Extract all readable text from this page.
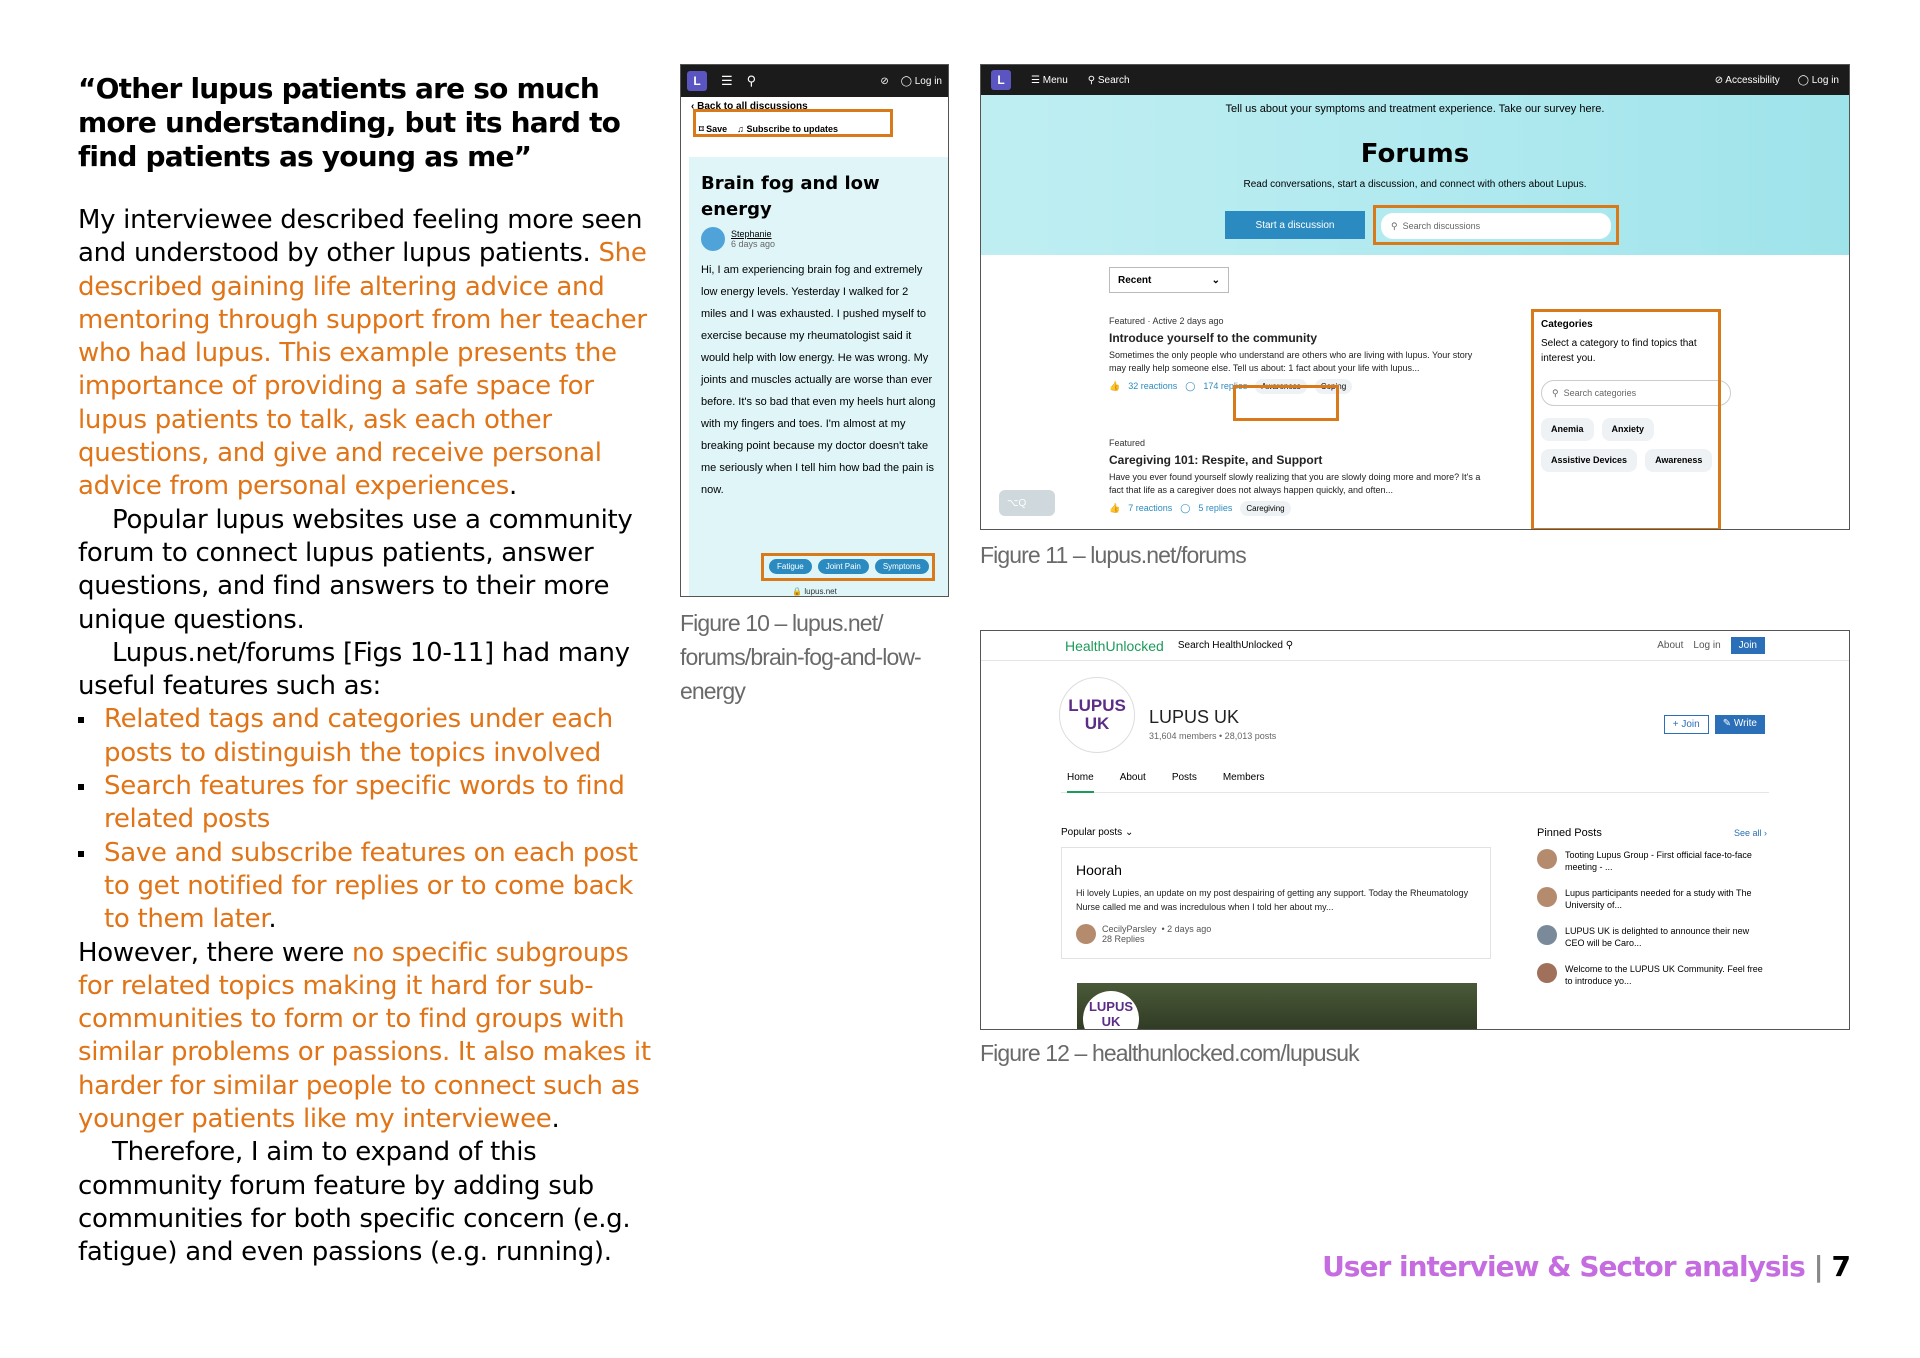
“Other lupus patients are so much more understanding, but its hard to find patients as young as me”

My interviewee described feeling more seen and understood by other lupus patients. She described gaining life altering advice and mentoring through support from her teacher who had lupus. This example presents the importance of providing a safe space for lupus patients to talk, ask each other questions, and give and receive personal advice from personal experiences.

Popular lupus websites use a community forum to connect lupus patients, answer questions, and find answers to their more unique questions.

Lupus.net/forums [Figs 10-11] had many useful features such as:

Related tags and categories under each posts to distinguish the topics involved
Search features for specific words to find related posts
Save and subscribe features on each post to get notified for replies or to come back to them later.

However, there were no specific subgroups for related topics making it hard for sub-communities to form or to find groups with similar problems or passions. It also makes it harder for similar people to connect such as younger patients like my interviewee.

Therefore, I aim to expand of this community forum feature by adding sub communities for both specific concern (e.g. fatigue) and even passions (e.g. running).

L	☰ ⚲	⊘ ◯ Log in
‹ Back to all discussions
⌑ Save ♫ Subscribe to updates
Brain fog and low energy
Stephanie
6 days ago
Hi, I am experiencing brain fog and extremely low energy levels. Yesterday I walked for 2 miles and I was exhausted. I pushed myself to exercise because my rheumatologist said it would help with low energy. He was wrong. My joints and muscles actually are worse than ever before. It's so bad that even my heels hurt along with my fingers and toes. I'm almost at my breaking point because my doctor doesn't take me seriously when I tell him how bad the pain is now.
Fatigue	Joint Pain	Symptoms
🔒 lupus.net
Figure 10 – lupus.net/ forums/brain-fog-and-low-energy
L	☰ Menu ⚲ Search	⊘ Accessibility ◯ Log in
Tell us about your symptoms and treatment experience. Take our survey here.
Forums
Read conversations, start a discussion, and connect with others about Lupus.
Start a discussion	⚲ Search discussions
Recent	⌄
Featured · Active 2 days ago
Introduce yourself to the community
Sometimes the only people who understand are others who are living with lupus. Your story may really help someone else. Tell us about: 1 fact about your life with lupus...
👍 32 reactions ◯ 174 replies	Awareness	Coping
Featured
Caregiving 101: Respite, and Support
Have you ever found yourself slowly realizing that you are slowly doing more and more? It's a fact that life as a caregiver does not always happen quickly, and often...
👍 7 reactions ◯ 5 replies	Caregiving
Categories
Select a category to find topics that interest you.
⚲ Search categories
Anemia	Anxiety
Assistive Devices	Awareness
⌥Q
Figure 11 – lupus.net/forums
HealthUnlocked Search HealthUnlocked ⚲	About Log in	Join
LUPUS UK	LUPUS UK
31,604 members • 28,013 posts
+ Join	✎ Write
Home	About	Posts	Members
Popular posts ⌄
Hoorah
Hi lovely Lupies, an update on my post despairing of getting any support. Today the Rheumatology Nurse called me and was incredulous when I told her about my...
CecilyParsley  • 2 days ago
28 Replies
LUPUS UK
Pinned Posts	See all ›
Tooting Lupus Group - First official face-to-face meeting - ...
Lupus participants needed for a study with The University of...
LUPUS UK is delighted to announce their new CEO will be Caro...
Welcome to the LUPUS UK Community. Feel free to introduce yo...
Figure 12 – healthunlocked.com/lupusuk
User interview & Sector analysis | 7
